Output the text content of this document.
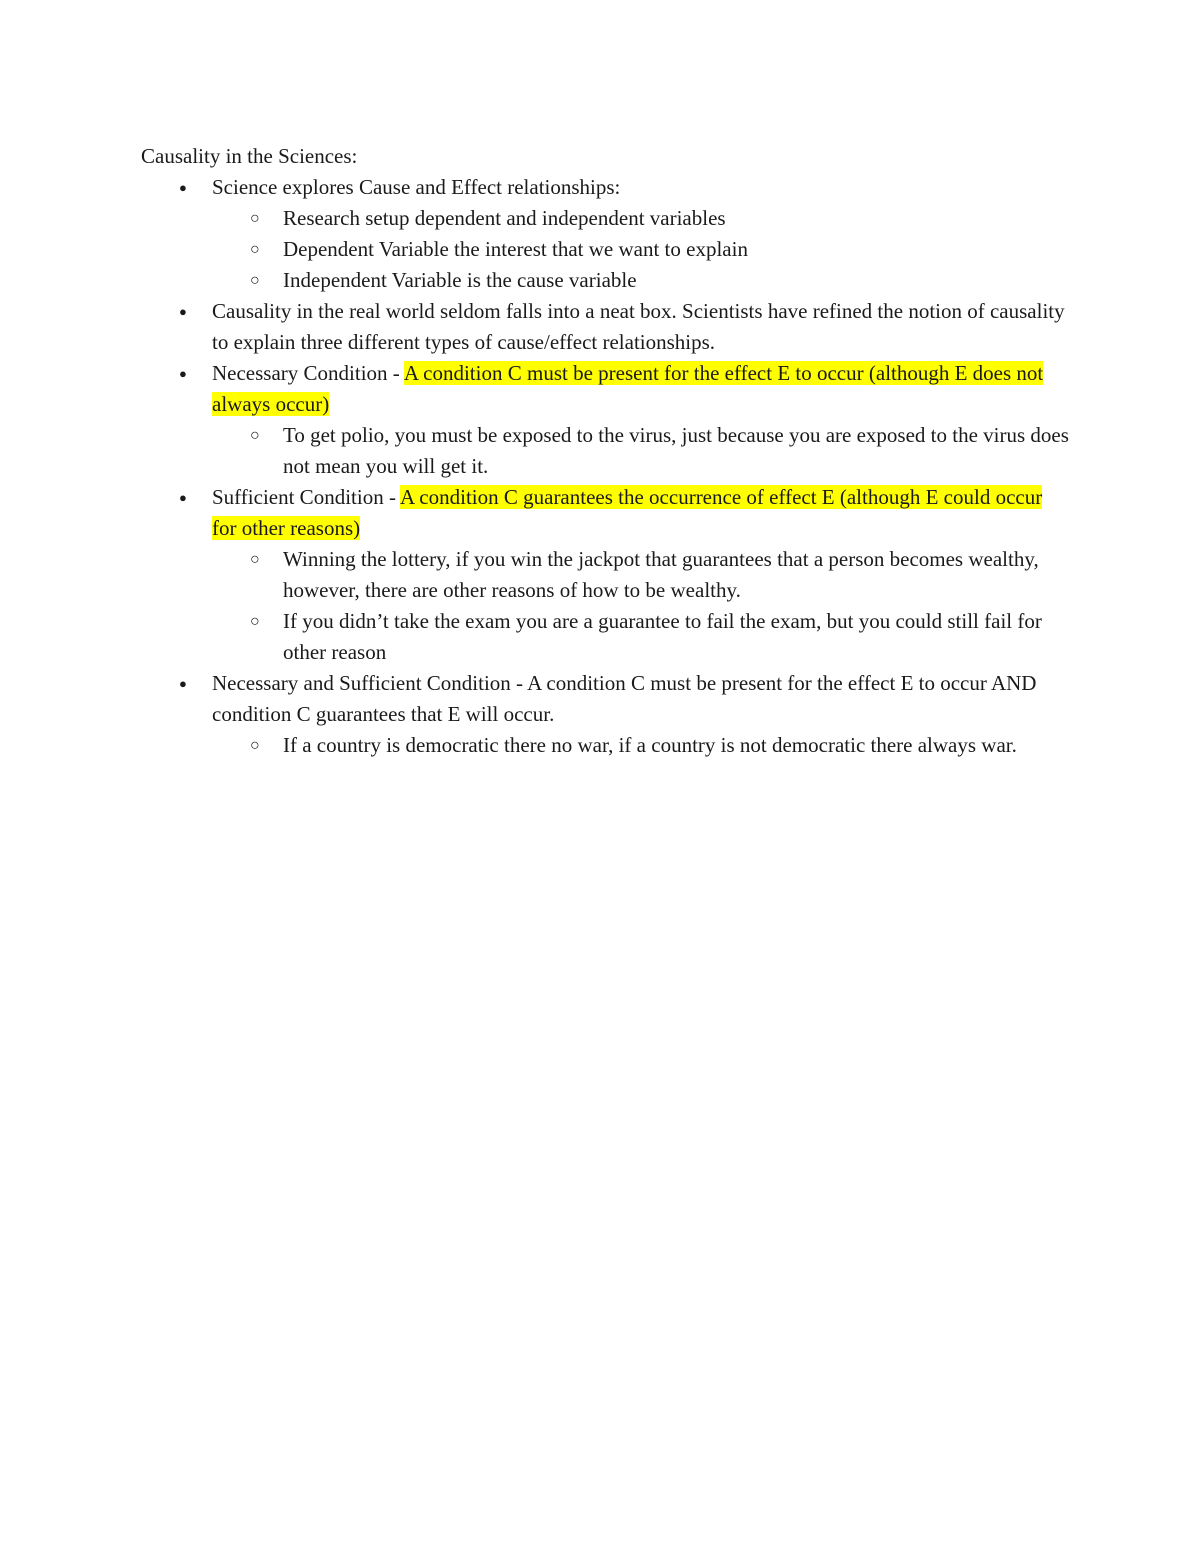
Causality in the Sciences:
● Science explores Cause and Effect relationships:
○ Research setup dependent and independent variables
○ Dependent Variable the interest that we want to explain
○ Independent Variable is the cause variable
● Causality in the real world seldom falls into a neat box. Scientists have refined the notion of causality to explain three different types of cause/effect relationships.
● Necessary Condition - A condition C must be present for the effect E to occur (although E does not always occur)
○ To get polio, you must be exposed to the virus, just because you are exposed to the virus does not mean you will get it.
● Sufficient Condition - A condition C guarantees the occurrence of effect E (although E could occur for other reasons)
○ Winning the lottery, if you win the jackpot that guarantees that a person becomes wealthy, however, there are other reasons of how to be wealthy.
○ If you didn’t take the exam you are a guarantee to fail the exam, but you could still fail for other reason
● Necessary and Sufficient Condition - A condition C must be present for the effect E to occur AND condition C guarantees that E will occur.
○ If a country is democratic there no war, if a country is not democratic there always war.
